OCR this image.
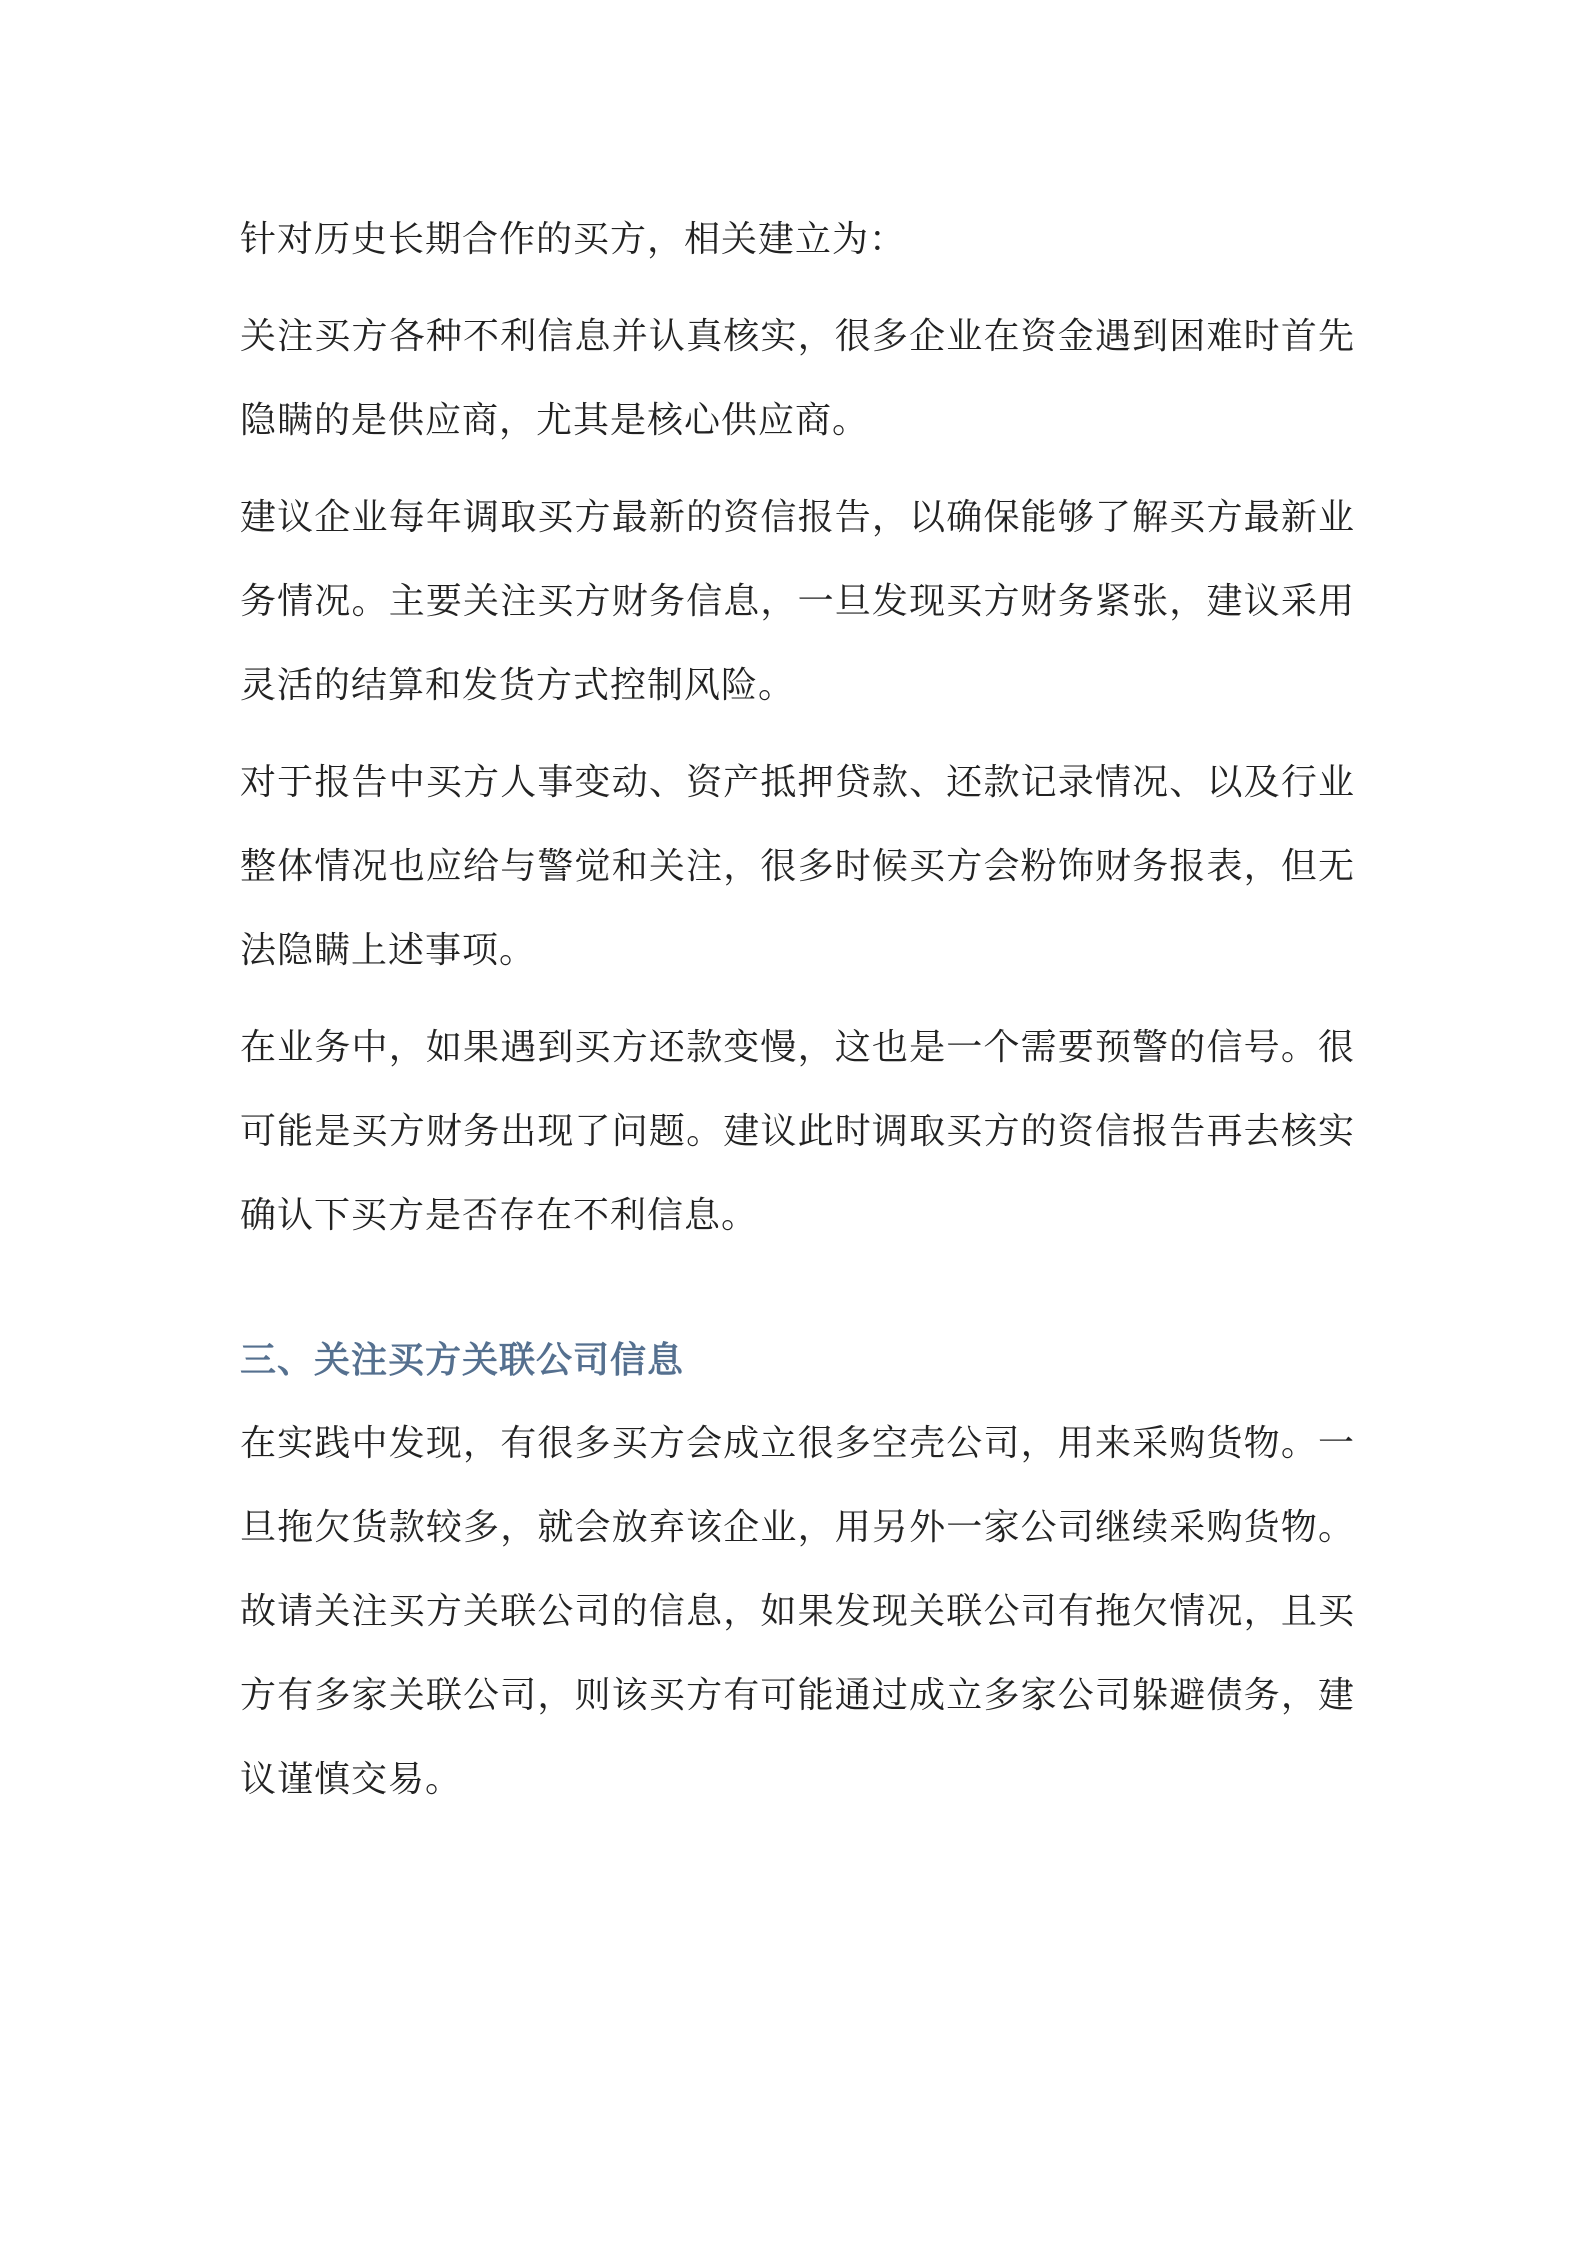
针对历史长期合作的买方，相关建立为：

关注买方各种不利信息并认真核实，很多企业在资金遇到困难时首先隐瞒的是供应商，尤其是核心供应商。

建议企业每年调取买方最新的资信报告，以确保能够了解买方最新业务情况。主要关注买方财务信息，一旦发现买方财务紧张，建议采用灵活的结算和发货方式控制风险。

对于报告中买方人事变动、资产抵押贷款、还款记录情况、以及行业整体情况也应给与警觉和关注，很多时候买方会粉饰财务报表，但无法隐瞒上述事项。

在业务中，如果遇到买方还款变慢，这也是一个需要预警的信号。很可能是买方财务出现了问题。建议此时调取买方的资信报告再去核实确认下买方是否存在不利信息。

三、关注买方关联公司信息

在实践中发现，有很多买方会成立很多空壳公司，用来采购货物。一旦拖欠货款较多，就会放弃该企业，用另外一家公司继续采购货物。故请关注买方关联公司的信息，如果发现关联公司有拖欠情况，且买方有多家关联公司，则该买方有可能通过成立多家公司躲避债务，建议谨慎交易。
